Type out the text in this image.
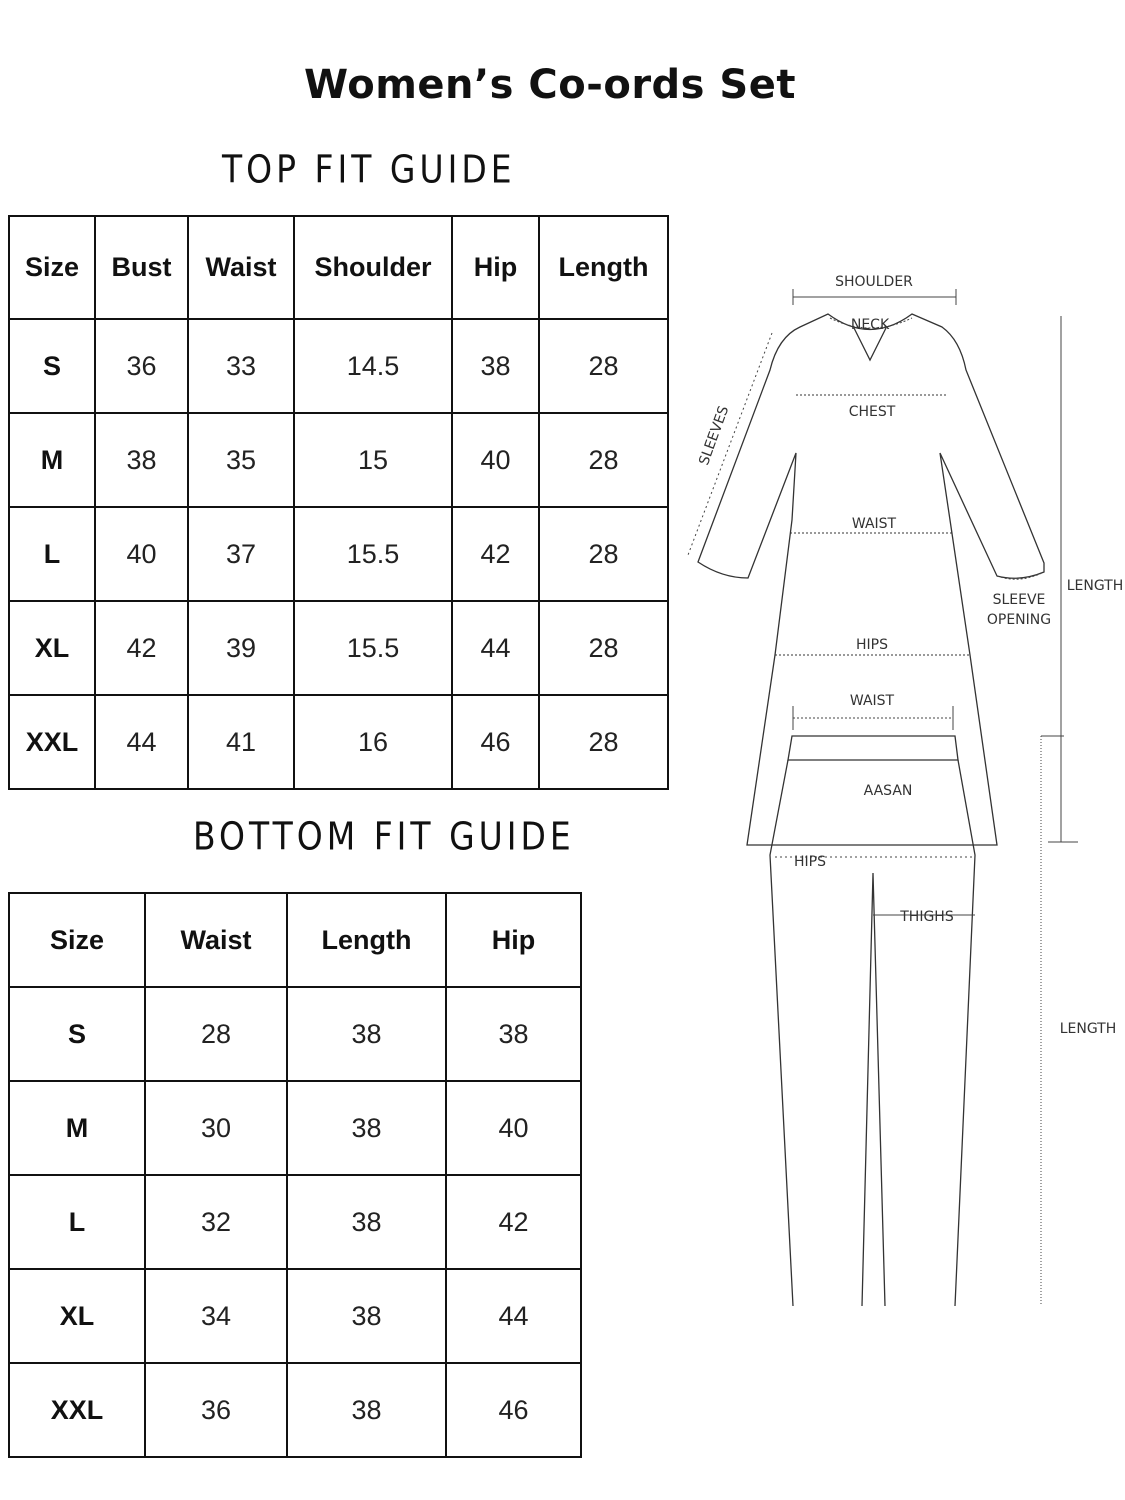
Women’s Co-ords Set
TOP FIT GUIDE
Size	Bust	Waist	Shoulder	Hip	Length
S	36	33	14.5	38	28
M	38	35	15	40	28
L	40	37	15.5	42	28
XL	42	39	15.5	44	28
XXL	44	41	16	46	28
BOTTOM FIT GUIDE
Size	Waist	Length	Hip
S	28	38	38
M	30	38	40
L	32	38	42
XL	34	38	44
XXL	36	38	46
SHOULDER
NECK
CHEST
SLEEVES
WAIST
SLEEVE
OPENING
LENGTH
HIPS
WAIST
AASAN
HIPS
THIGHS
LENGTH
